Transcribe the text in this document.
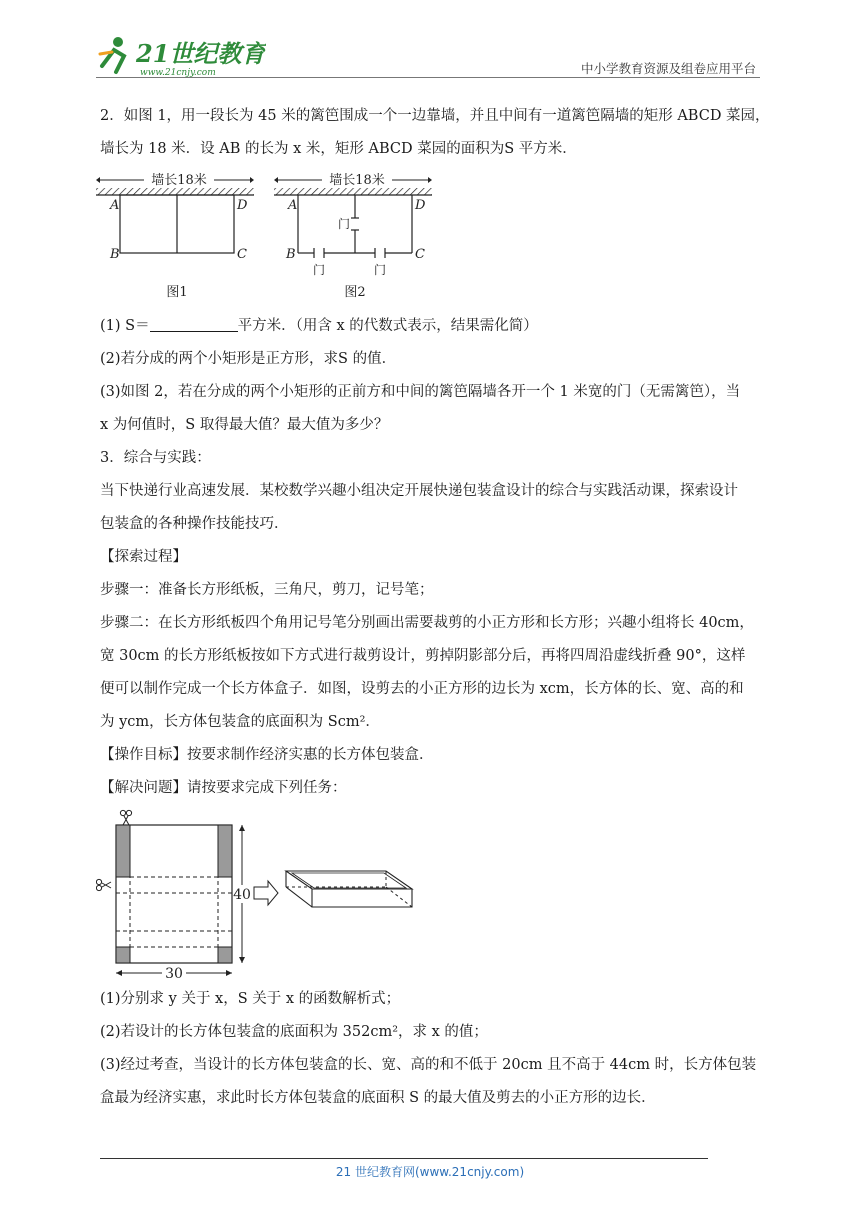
21世纪教育
www.21cnjy.com	中小学教育资源及组卷应用平台

2．如图 1，用一段长为 45 米的篱笆围成一个一边靠墙，并且中间有一道篱笆隔墙的矩形 ABCD 菜园，

墙长为 18 米．设 AB 的长为 x 米，矩形 ABCD 菜园的面积为S 平方米．

墙长18米
A	D
B	C
图1
墙长18米
门
门	门
A	D
B	C
图2

(1) S＝	平方米．（用含 x 的代数式表示，结果需化简）

(2)若分成的两个小矩形是正方形，求S 的值．

(3)如图 2，若在分成的两个小矩形的正前方和中间的篱笆隔墙各开一个 1 米宽的门（无需篱笆），当

x 为何值时，S 取得最大值？最大值为多少？

3．综合与实践：

当下快递行业高速发展．某校数学兴趣小组决定开展快递包装盒设计的综合与实践活动课，探索设计

包装盒的各种操作技能技巧．

【探索过程】

步骤一：准备长方形纸板，三角尺，剪刀，记号笔；

步骤二：在长方形纸板四个角用记号笔分别画出需要裁剪的小正方形和长方形；兴趣小组将长 40cm，

宽 30cm 的长方形纸板按如下方式进行裁剪设计，剪掉阴影部分后，再将四周沿虚线折叠 90°，这样

便可以制作完成一个长方体盒子．如图，设剪去的小正方形的边长为 xcm，长方体的长、宽、高的和

为 ycm，长方体包装盒的底面积为 Scm²．

【操作目标】按要求制作经济实惠的长方体包装盒．

【解决问题】请按要求完成下列任务：

40
30

(1)分别求 y 关于 x，S 关于 x 的函数解析式；

(2)若设计的长方体包装盒的底面积为 352cm²，求 x 的值；

(3)经过考查，当设计的长方体包装盒的长、宽、高的和不低于 20cm 且不高于 44cm 时，长方体包装

盒最为经济实惠，求此时长方体包装盒的底面积 S 的最大值及剪去的小正方形的边长．

21 世纪教育网(www.21cnjy.com)
